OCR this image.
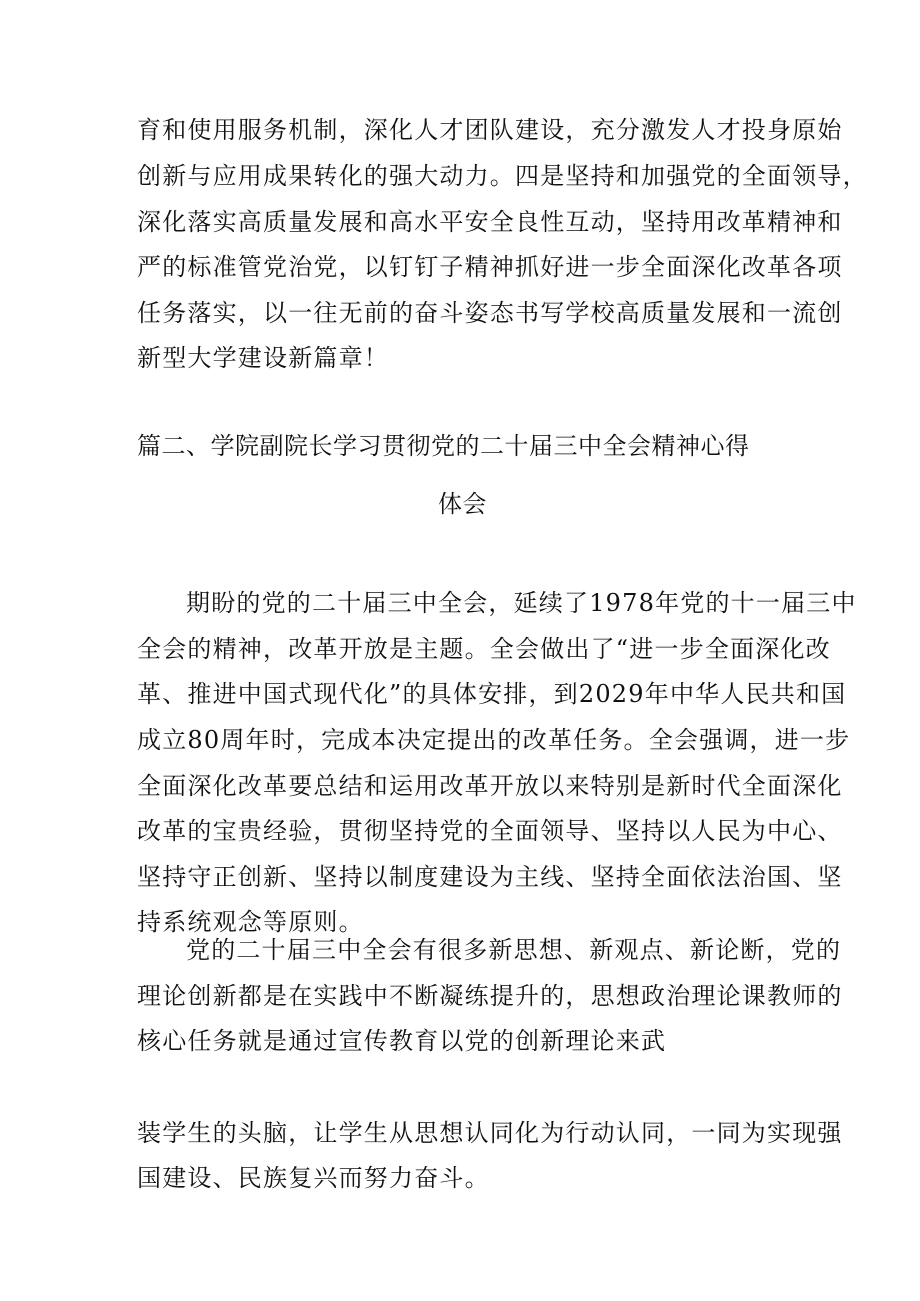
育和使用服务机制，深化人才团队建设，充分激发人才投身原始
创新与应用成果转化的强大动力。四是坚持和加强党的全面领导，
深化落实高质量发展和高水平安全良性互动，坚持用改革精神和
严的标准管党治党，以钉钉子精神抓好进一步全面深化改革各项
任务落实，以一往无前的奋斗姿态书写学校高质量发展和一流创
新型大学建设新篇章！
篇二、学院副院长学习贯彻党的二十届三中全会精神心得
体会
期盼的党的二十届三中全会，延续了1978年党的十一届三中
全会的精神，改革开放是主题。全会做出了“进一步全面深化改
革、推进中国式现代化”的具体安排，到2029年中华人民共和国
成立80周年时，完成本决定提出的改革任务。全会强调，进一步
全面深化改革要总结和运用改革开放以来特别是新时代全面深化
改革的宝贵经验，贯彻坚持党的全面领导、坚持以人民为中心、
坚持守正创新、坚持以制度建设为主线、坚持全面依法治国、坚
持系统观念等原则。
党的二十届三中全会有很多新思想、新观点、新论断，党的
理论创新都是在实践中不断凝练提升的，思想政治理论课教师的
核心任务就是通过宣传教育以党的创新理论来武
装学生的头脑，让学生从思想认同化为行动认同，一同为实现强
国建设、民族复兴而努力奋斗。
